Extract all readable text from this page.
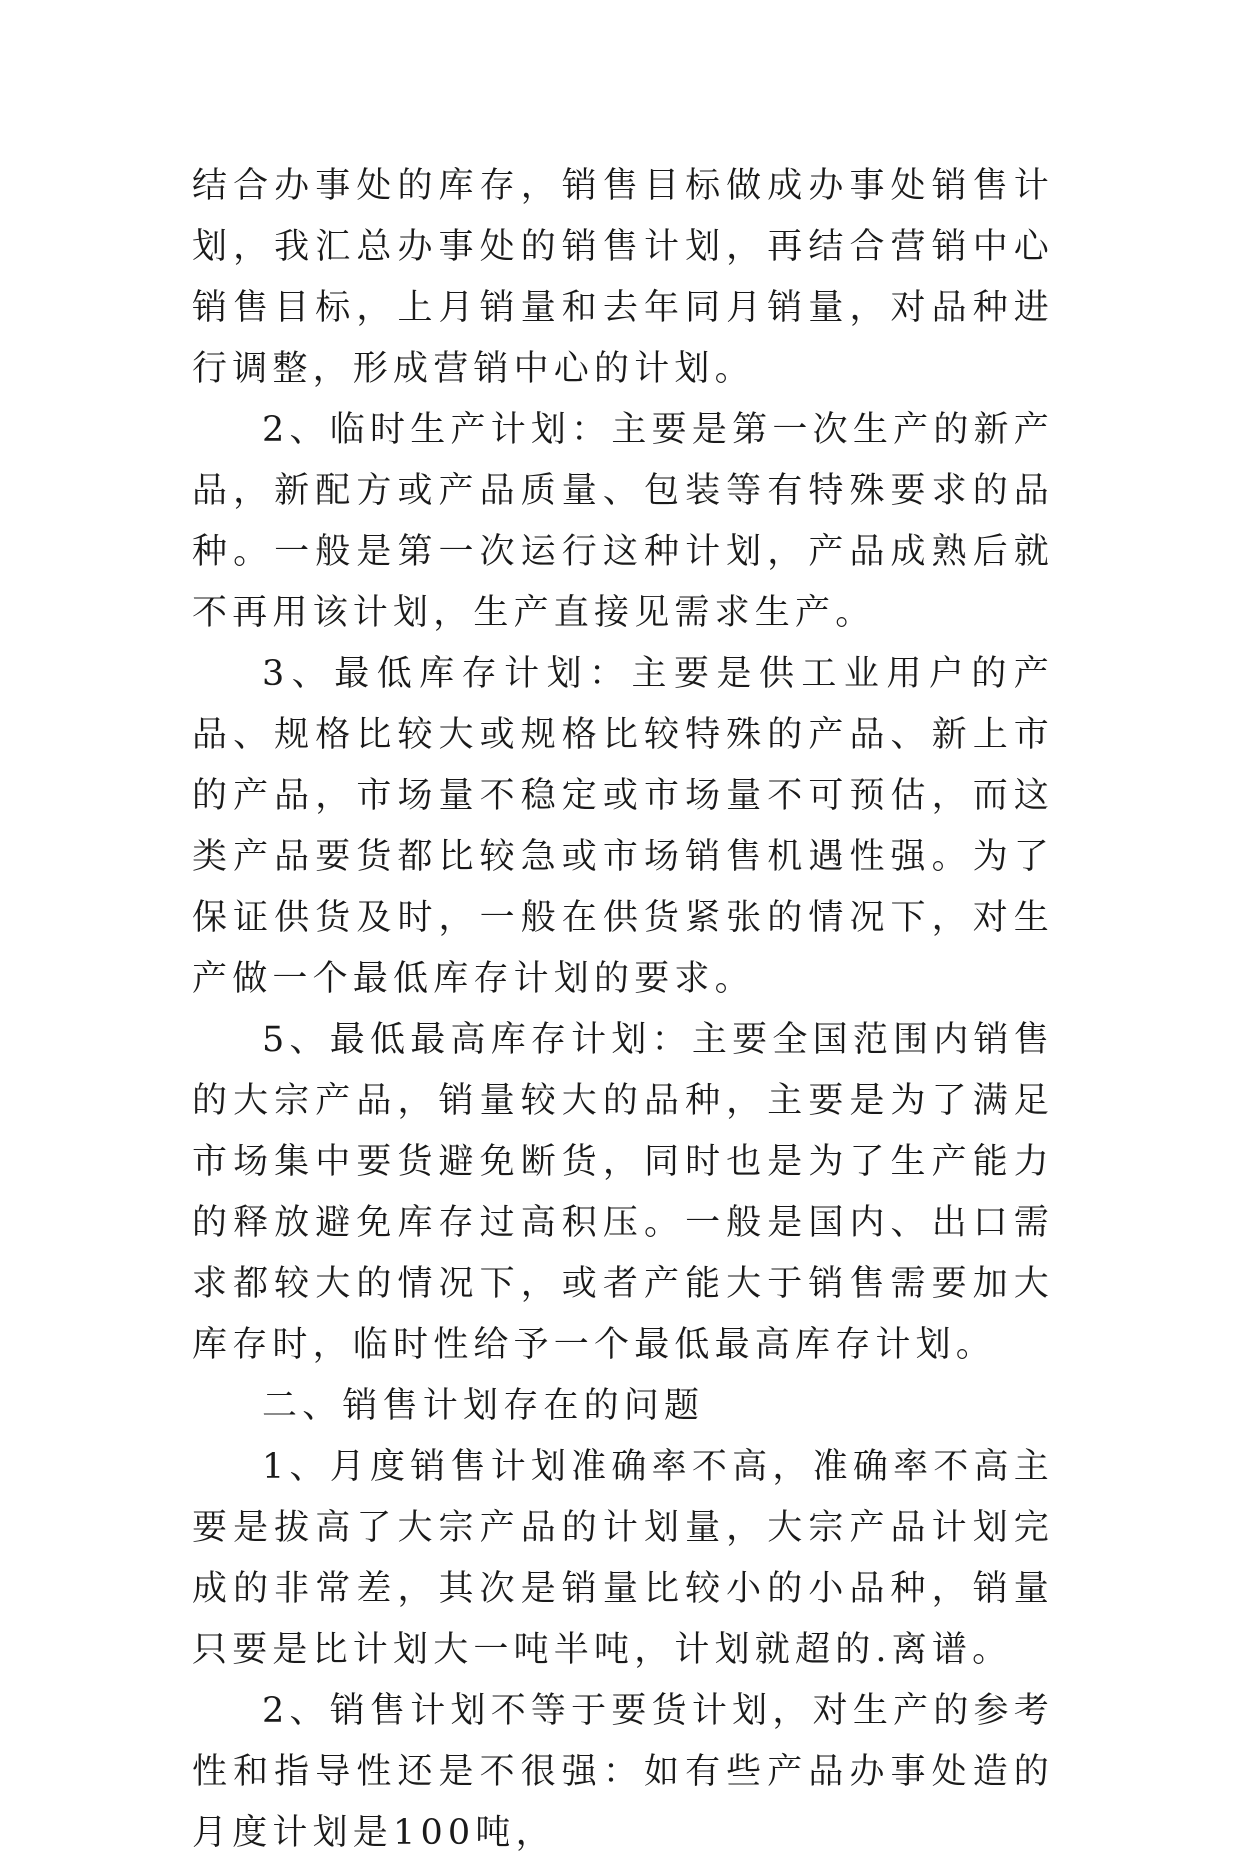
结合办事处的库存，销售目标做成办事处销售计划，我汇总办事处的销售计划，再结合营销中心销售目标，上月销量和去年同月销量，对品种进行调整，形成营销中心的计划。

2、临时生产计划：主要是第一次生产的新产品，新配方或产品质量、包装等有特殊要求的品种。一般是第一次运行这种计划，产品成熟后就不再用该计划，生产直接见需求生产。

3、最低库存计划：主要是供工业用户的产品、规格比较大或规格比较特殊的产品、新上市的产品，市场量不稳定或市场量不可预估，而这类产品要货都比较急或市场销售机遇性强。为了保证供货及时，一般在供货紧张的情况下，对生产做一个最低库存计划的要求。

5、最低最高库存计划：主要全国范围内销售的大宗产品，销量较大的品种，主要是为了满足市场集中要货避免断货，同时也是为了生产能力的释放避免库存过高积压。一般是国内、出口需求都较大的情况下，或者产能大于销售需要加大库存时，临时性给予一个最低最高库存计划。

二、销售计划存在的问题

1、月度销售计划准确率不高，准确率不高主要是拔高了大宗产品的计划量，大宗产品计划完成的非常差，其次是销量比较小的小品种，销量只要是比计划大一吨半吨，计划就超的.离谱。

2、销售计划不等于要货计划，对生产的参考性和指导性还是不很强：如有些产品办事处造的月度计划是100吨，
